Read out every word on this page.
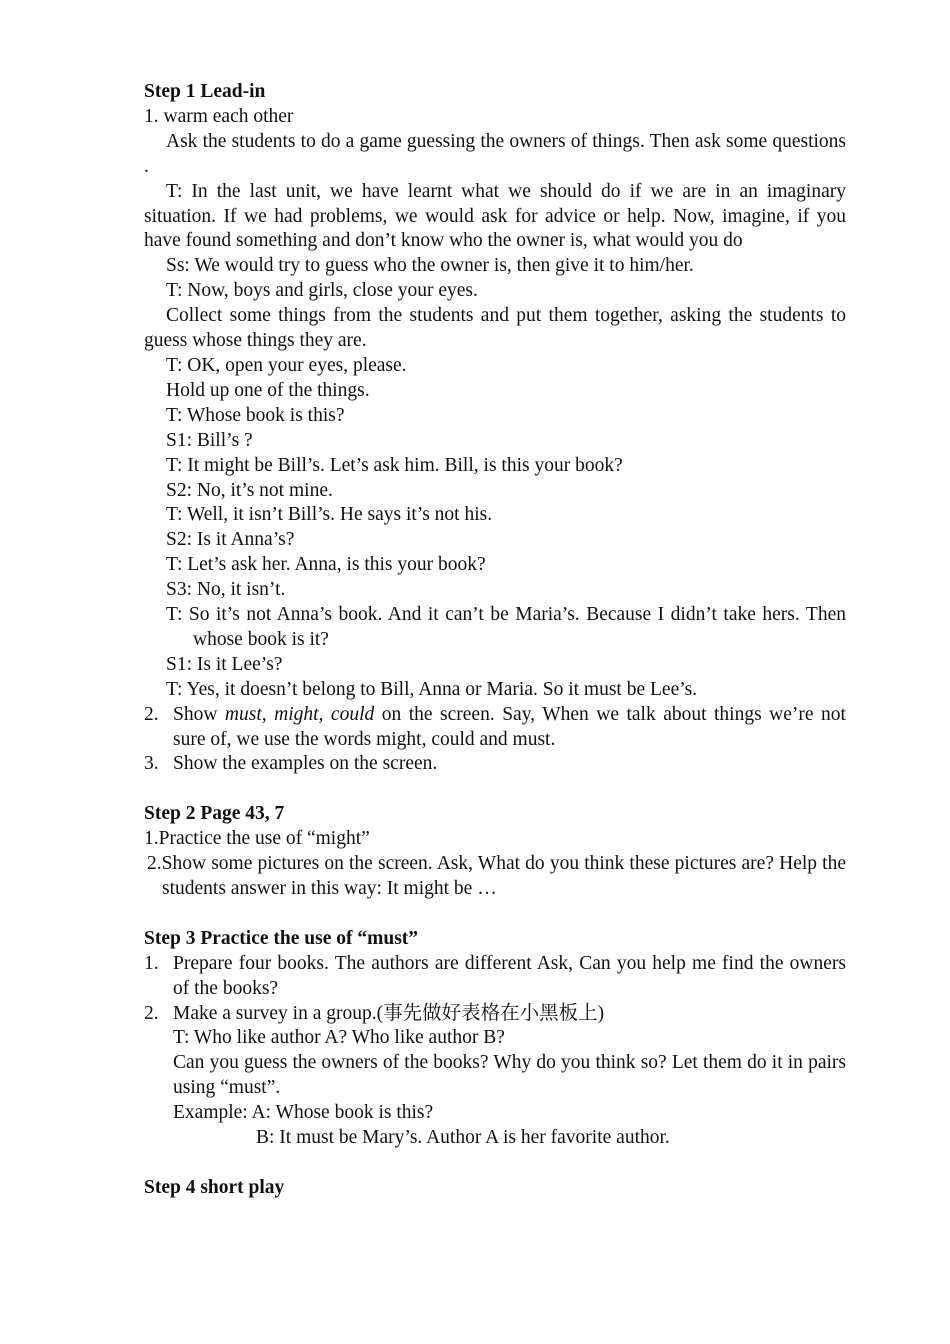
Step 1 Lead-in

1. warm each other

Ask the students to do a game guessing the owners of things. Then ask some questions .

T: In the last unit, we have learnt what we should do if we are in an imaginary situation. If we had problems, we would ask for advice or help. Now, imagine, if you have found something and don’t know who the owner is, what would you do

Ss: We would try to guess who the owner is, then give it to him/her.

T: Now, boys and girls, close your eyes.

Collect some things from the students and put them together, asking the students to guess whose things they are.

T: OK, open your eyes, please.

Hold up one of the things.

T: Whose book is this?

S1: Bill’s ?

T: It might be Bill’s. Let’s ask him. Bill, is this your book?

S2: No, it’s not mine.

T: Well, it isn’t Bill’s. He says it’s not his.

S2: Is it Anna’s?

T: Let’s ask her. Anna, is this your book?

S3: No, it isn’t.

T: So it’s not Anna’s book. And it can’t be Maria’s. Because I didn’t take hers. Then whose book is it?

S1: Is it Lee’s?

T: Yes, it doesn’t belong to Bill, Anna or Maria. So it must be Lee’s.

2. Show must, might, could on the screen. Say, When we talk about things we’re not sure of, we use the words might, could and must.

3. Show the examples on the screen.

Step 2 Page 43, 7

1.Practice the use of “might”

2.Show some pictures on the screen. Ask, What do you think these pictures are? Help the students answer in this way: It might be …

Step 3 Practice the use of “must”

1. Prepare four books. The authors are different Ask, Can you help me find the owners of the books?

2. Make a survey in a group.(事先做好表格在小黑板上)

T: Who like author A? Who like author B?

Can you guess the owners of the books? Why do you think so? Let them do it in pairs using “must”.

Example: A: Whose book is this?

B: It must be Mary’s. Author A is her favorite author.

Step 4 short play
